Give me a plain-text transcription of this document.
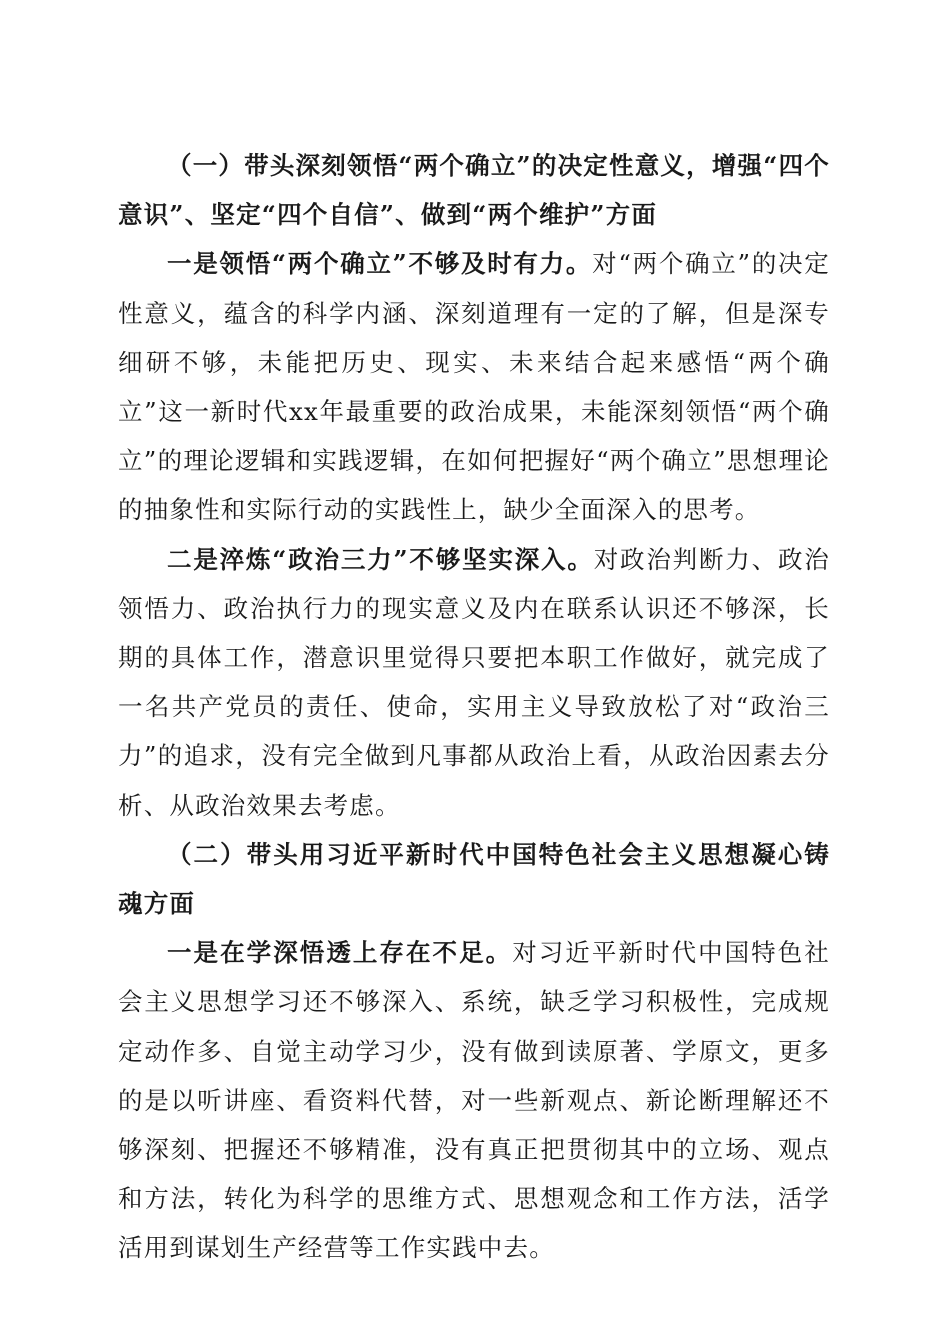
（一）带头深刻领悟“两个确立”的决定性意义，增强“四个意识”、坚定“四个自信”、做到“两个维护”方面

一是领悟“两个确立”不够及时有力。对“两个确立”的决定性意义，蕴含的科学内涵、深刻道理有一定的了解，但是深专细研不够，未能把历史、现实、未来结合起来感悟“两个确立”这一新时代xx年最重要的政治成果，未能深刻领悟“两个确立”的理论逻辑和实践逻辑，在如何把握好“两个确立”思想理论的抽象性和实际行动的实践性上，缺少全面深入的思考。

二是淬炼“政治三力”不够坚实深入。对政治判断力、政治领悟力、政治执行力的现实意义及内在联系认识还不够深，长期的具体工作，潜意识里觉得只要把本职工作做好，就完成了一名共产党员的责任、使命，实用主义导致放松了对“政治三力”的追求，没有完全做到凡事都从政治上看，从政治因素去分析、从政治效果去考虑。

（二）带头用习近平新时代中国特色社会主义思想凝心铸魂方面

一是在学深悟透上存在不足。对习近平新时代中国特色社会主义思想学习还不够深入、系统，缺乏学习积极性，完成规定动作多、自觉主动学习少，没有做到读原著、学原文，更多的是以听讲座、看资料代替，对一些新观点、新论断理解还不够深刻、把握还不够精准，没有真正把贯彻其中的立场、观点和方法，转化为科学的思维方式、思想观念和工作方法，活学活用到谋划生产经营等工作实践中去。
